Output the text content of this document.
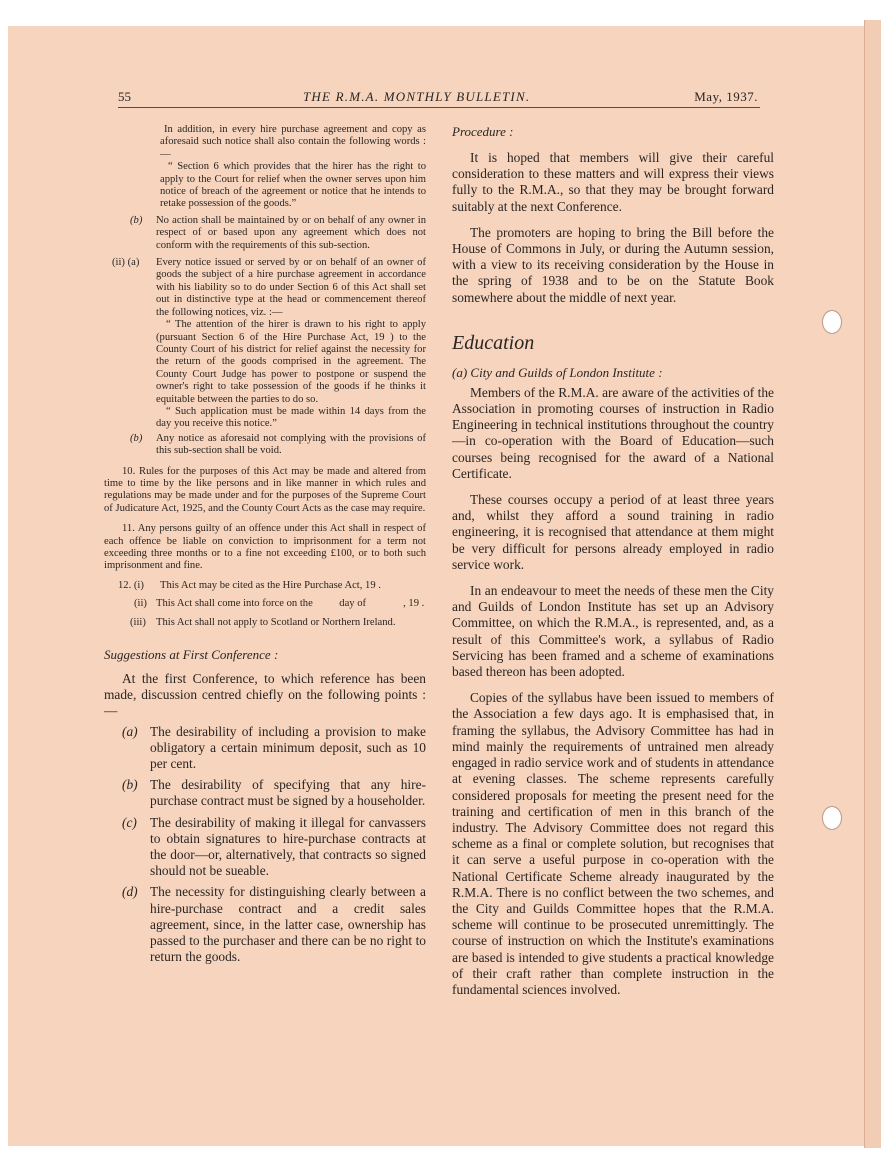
55	THE R.M.A. MONTHLY BULLETIN.	May, 1937.

In addition, in every hire purchase agreement and copy as aforesaid such notice shall also contain the following words :—

“ Section 6 which provides that the hirer has the right to apply to the Court for relief when the owner serves upon him notice of breach of the agreement or notice that he intends to retake possession of the goods.”

(b)	No action shall be maintained by or on behalf of any owner in respect of or based upon any agreement which does not conform with the requirements of this sub-section.

(ii) (a)	Every notice issued or served by or on behalf of an owner of goods the subject of a hire purchase agreement in accordance with his liability so to do under Section 6 of this Act shall set out in distinctive type at the head or commencement thereof the following notices, viz. :—

“ The attention of the hirer is drawn to his right to apply (pursuant Section 6 of the Hire Purchase Act, 19 ) to the County Court of his district for relief against the necessity for the return of the goods comprised in the agreement. The County Court Judge has power to postpone or suspend the owner's right to take possession of the goods if he thinks it equitable between the parties to do so.

“ Such application must be made within 14 days from the day you receive this notice.”

(b)	Any notice as aforesaid not complying with the provisions of this sub-section shall be void.

10. Rules for the purposes of this Act may be made and altered from time to time by the like persons and in like manner in which rules and regulations may be made under and for the purposes of the Supreme Court of Judicature Act, 1925, and the County Court Acts as the case may require.

11. Any persons guilty of an offence under this Act shall in respect of each offence be liable on conviction to imprisonment for a term not exceeding three months or to a fine not exceeding £100, or to both such imprisonment and fine.

12. (i)	This Act may be cited as the Hire Purchase Act, 19 .

(ii) This Act shall come into force on the          day of              , 19 .

(iii) This Act shall not apply to Scotland or Northern Ireland.

Suggestions at First Conference :

At the first Conference, to which reference has been made, discussion centred chiefly on the following points :—

(a) The desirability of including a provision to make obligatory a certain minimum deposit, such as 10 per cent.

(b) The desirability of specifying that any hire-purchase contract must be signed by a householder.

(c) The desirability of making it illegal for canvassers to obtain signatures to hire-purchase contracts at the door—or, alternatively, that contracts so signed should not be sueable.

(d) The necessity for distinguishing clearly between a hire-purchase contract and a credit sales agreement, since, in the latter case, ownership has passed to the purchaser and there can be no right to return the goods.

Procedure :

It is hoped that members will give their careful consideration to these matters and will express their views fully to the R.M.A., so that they may be brought forward suitably at the next Conference.

The promoters are hoping to bring the Bill before the House of Commons in July, or during the Autumn session, with a view to its receiving consideration by the House in the spring of 1938 and to be on the Statute Book somewhere about the middle of next year.

Education

(a) City and Guilds of London Institute :

Members of the R.M.A. are aware of the activities of the Association in promoting courses of instruction in Radio Engineering in technical institutions throughout the country—in co-operation with the Board of Education—such courses being recognised for the award of a National Certificate.

These courses occupy a period of at least three years and, whilst they afford a sound training in radio engineering, it is recognised that attendance at them might be very difficult for persons already employed in radio service work.

In an endeavour to meet the needs of these men the City and Guilds of London Institute has set up an Advisory Committee, on which the R.M.A., is represented, and, as a result of this Committee's work, a syllabus of Radio Servicing has been framed and a scheme of examinations based thereon has been adopted.

Copies of the syllabus have been issued to members of the Association a few days ago. It is emphasised that, in framing the syllabus, the Advisory Committee has had in mind mainly the requirements of untrained men already engaged in radio service work and of students in attendance at evening classes. The scheme represents carefully considered proposals for meeting the present need for the training and certification of men in this branch of the industry. The Advisory Committee does not regard this scheme as a final or complete solution, but recognises that it can serve a useful purpose in co-operation with the National Certificate Scheme already inaugurated by the R.M.A. There is no conflict between the two schemes, and the City and Guilds Committee hopes that the R.M.A. scheme will continue to be prosecuted unremittingly. The course of instruction on which the Institute's examinations are based is intended to give students a practical knowledge of their craft rather than complete instruction in the fundamental sciences involved.
